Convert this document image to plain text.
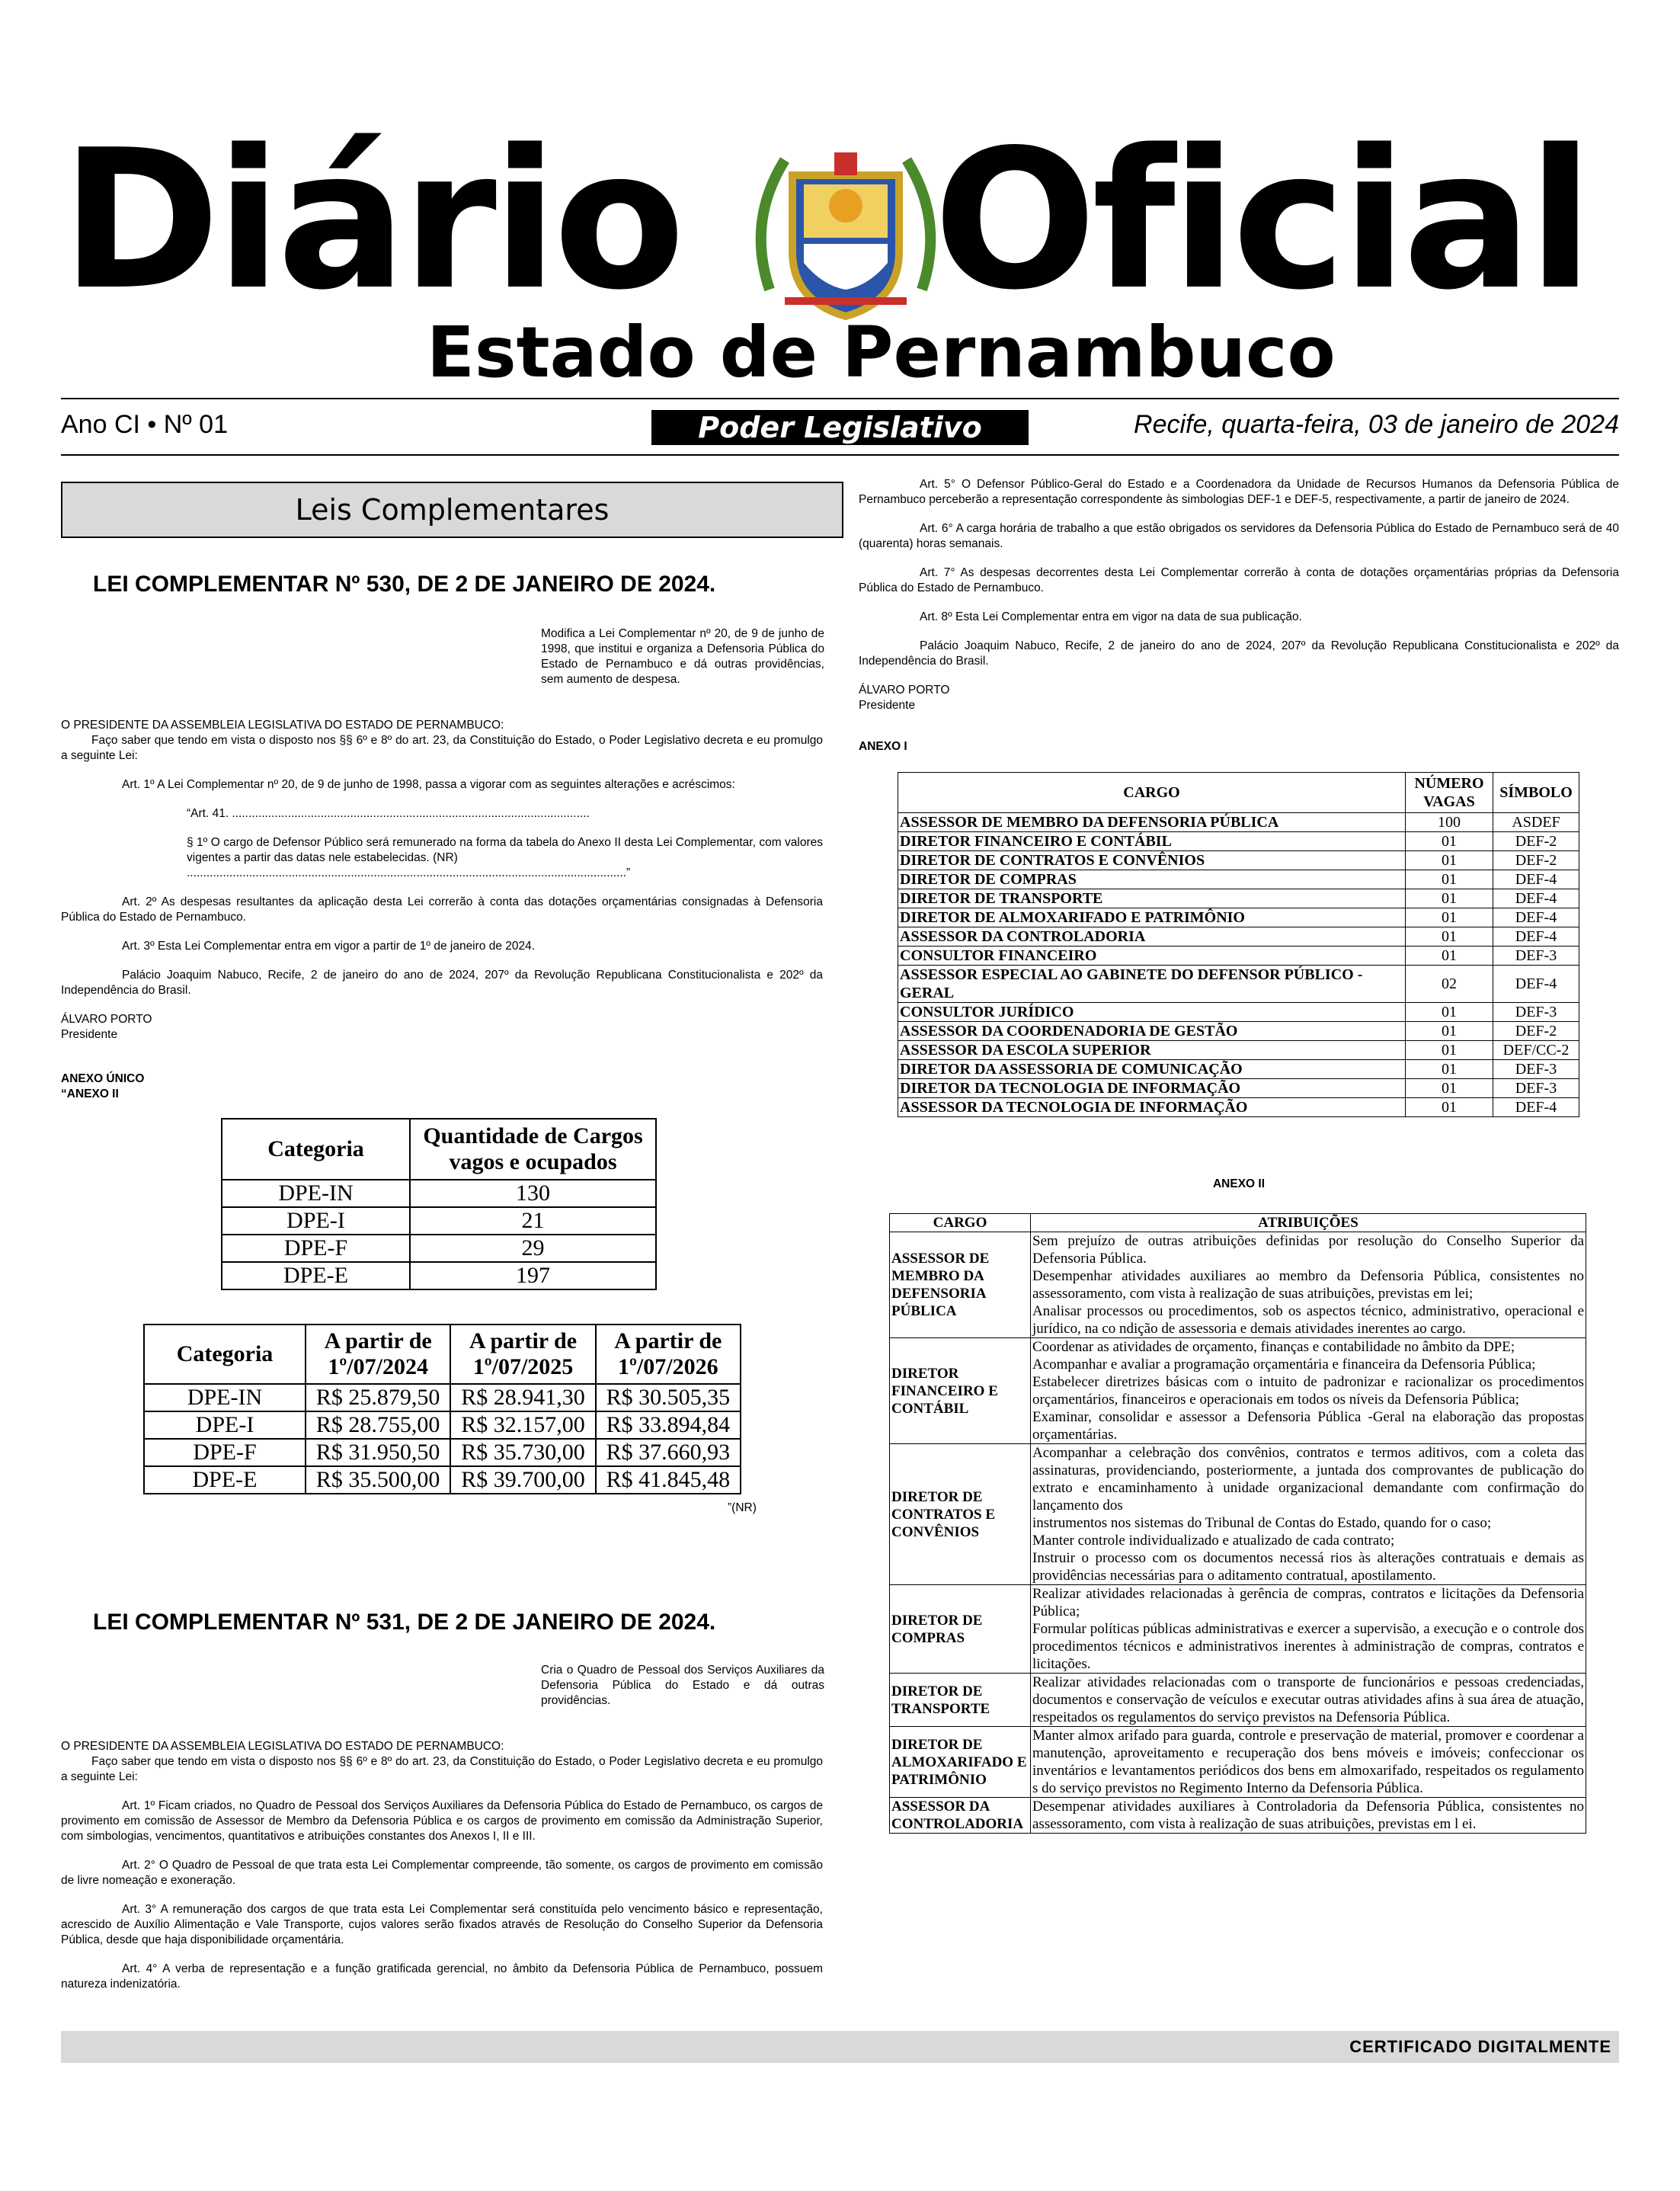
Diário Oficial
Estado de Pernambuco
Ano CI • Nº 01	Poder Legislativo	Recife, quarta-feira, 03 de janeiro de 2024
Leis Complementares
LEI COMPLEMENTAR Nº 530, DE 2 DE JANEIRO DE 2024.
Modifica a Lei Complementar nº 20, de 9 de junho de 1998, que institui e organiza a Defensoria Pública do Estado de Pernambuco e dá outras providências, sem aumento de despesa.

O PRESIDENTE DA ASSEMBLEIA LEGISLATIVA DO ESTADO DE PERNAMBUCO:

Faço saber que tendo em vista o disposto nos §§ 6º e 8º do art. 23, da Constituição do Estado, o Poder Legislativo decreta e eu promulgo a seguinte Lei:

Art. 1º A Lei Complementar nº 20, de 9 de junho de 1998, passa a vigorar com as seguintes alterações e acréscimos:

“Art. 41. .............................................................................................................

§ 1º O cargo de Defensor Público será remunerado na forma da tabela do Anexo II desta Lei Complementar, com valores vigentes a partir das datas nele estabelecidas. (NR)

......................................................................................................................................”

Art. 2º As despesas resultantes da aplicação desta Lei correrão à conta das dotações orçamentárias consignadas à Defensoria Pública do Estado de Pernambuco.

Art. 3º Esta Lei Complementar entra em vigor a partir de 1º de janeiro de 2024.

Palácio Joaquim Nabuco, Recife, 2 de janeiro do ano de 2024, 207º da Revolução Republicana Constitucionalista e 202º da Independência do Brasil.

ÁLVARO PORTO

Presidente

ANEXO ÚNICO

“ANEXO II

Categoria	Quantidade de Cargos vagos e ocupados
DPE-IN	130
DPE-I	21
DPE-F	29
DPE-E	197
Categoria	A partir de 1º/07/2024	A partir de 1º/07/2025	A partir de 1º/07/2026
DPE-IN	R$ 25.879,50	R$ 28.941,30	R$ 30.505,35
DPE-I	R$ 28.755,00	R$ 32.157,00	R$ 33.894,84
DPE-F	R$ 31.950,50	R$ 35.730,00	R$ 37.660,93
DPE-E	R$ 35.500,00	R$ 39.700,00	R$ 41.845,48
”(NR)
LEI COMPLEMENTAR Nº 531, DE 2 DE JANEIRO DE 2024.
Cria o Quadro de Pessoal dos Serviços Auxiliares da Defensoria Pública do Estado e dá outras providências.

O PRESIDENTE DA ASSEMBLEIA LEGISLATIVA DO ESTADO DE PERNAMBUCO:

Faço saber que tendo em vista o disposto nos §§ 6º e 8º do art. 23, da Constituição do Estado, o Poder Legislativo decreta e eu promulgo a seguinte Lei:

Art. 1º Ficam criados, no Quadro de Pessoal dos Serviços Auxiliares da Defensoria Pública do Estado de Pernambuco, os cargos de provimento em comissão de Assessor de Membro da Defensoria Pública e os cargos de provimento em comissão da Administração Superior, com simbologias, vencimentos, quantitativos e atribuições constantes dos Anexos I, II e III.

Art. 2° O Quadro de Pessoal de que trata esta Lei Complementar compreende, tão somente, os cargos de provimento em comissão de livre nomeação e exoneração.

Art. 3° A remuneração dos cargos de que trata esta Lei Complementar será constituída pelo vencimento básico e representação, acrescido de Auxílio Alimentação e Vale Transporte, cujos valores serão fixados através de Resolução do Conselho Superior da Defensoria Pública, desde que haja disponibilidade orçamentária.

Art. 4° A verba de representação e a função gratificada gerencial, no âmbito da Defensoria Pública de Pernambuco, possuem natureza indenizatória.

Art. 5° O Defensor Público-Geral do Estado e a Coordenadora da Unidade de Recursos Humanos da Defensoria Pública de Pernambuco perceberão a representação correspondente às simbologias DEF-1 e DEF-5, respectivamente, a partir de janeiro de 2024.

Art. 6° A carga horária de trabalho a que estão obrigados os servidores da Defensoria Pública do Estado de Pernambuco será de 40 (quarenta) horas semanais.

Art. 7° As despesas decorrentes desta Lei Complementar correrão à conta de dotações orçamentárias próprias da Defensoria Pública do Estado de Pernambuco.

Art. 8º Esta Lei Complementar entra em vigor na data de sua publicação.

Palácio Joaquim Nabuco, Recife, 2 de janeiro do ano de 2024, 207º da Revolução Republicana Constitucionalista e 202º da Independência do Brasil.

ÁLVARO PORTO

Presidente

ANEXO I

CARGO	NÚMERO VAGAS	SÍMBOLO
ASSESSOR DE MEMBRO DA DEFENSORIA PÚBLICA	100	ASDEF
DIRETOR FINANCEIRO E CONTÁBIL	01	DEF-2
DIRETOR DE CONTRATOS E CONVÊNIOS	01	DEF-2
DIRETOR DE COMPRAS	01	DEF-4
DIRETOR DE TRANSPORTE	01	DEF-4
DIRETOR DE ALMOXARIFADO E PATRIMÔNIO	01	DEF-4
ASSESSOR DA CONTROLADORIA	01	DEF-4
CONSULTOR FINANCEIRO	01	DEF-3
ASSESSOR ESPECIAL AO GABINETE DO DEFENSOR PÚBLICO - GERAL	02	DEF-4
CONSULTOR JURÍDICO	01	DEF-3
ASSESSOR DA COORDENADORIA DE GESTÃO	01	DEF-2
ASSESSOR DA ESCOLA SUPERIOR	01	DEF/CC-2
DIRETOR DA ASSESSORIA DE COMUNICAÇÃO	01	DEF-3
DIRETOR DA TECNOLOGIA DE INFORMAÇÃO	01	DEF-3
ASSESSOR DA TECNOLOGIA DE INFORMAÇÃO	01	DEF-4
ANEXO II
CARGO	ATRIBUIÇÕES
ASSESSOR DE MEMBRO DA DEFENSORIA PÚBLICA	Sem prejuízo de outras atribuições definidas por resolução do Conselho Superior da Defensoria Pública.
Desempenhar atividades auxiliares ao membro da Defensoria Pública, consistentes no assessoramento, com vista à realização de suas atribuições, previstas em lei;
Analisar processos ou procedimentos, sob os aspectos técnico, administrativo, operacional e jurídico, na co ndição de assessoria e demais atividades inerentes ao cargo.

DIRETOR FINANCEIRO E CONTÁBIL	Coordenar as atividades de orçamento, finanças e contabilidade no âmbito da DPE;
Acompanhar e avaliar a programação orçamentária e financeira da Defensoria Pública;
Estabelecer diretrizes básicas com o intuito de padronizar e racionalizar os procedimentos orçamentários, financeiros e operacionais em todos os níveis da Defensoria Pública;
Examinar, consolidar e assessor a Defensoria Pública -Geral na elaboração das propostas orçamentárias.

DIRETOR DE CONTRATOS E CONVÊNIOS	Acompanhar a celebração dos convênios, contratos e termos aditivos, com a coleta das assinaturas, providenciando, posteriormente, a juntada dos comprovantes de publicação do extrato e encaminhamento à unidade organizacional demandante com confirmação do lançamento dos
instrumentos nos sistemas do Tribunal de Contas do Estado, quando for o caso;
Manter controle individualizado e atualizado de cada contrato;
Instruir o processo com os documentos necessá rios às alterações contratuais e demais as providências necessárias para o aditamento contratual, apostilamento.

DIRETOR DE COMPRAS	Realizar atividades relacionadas à gerência de compras, contratos e licitações da Defensoria Pública;
Formular políticas públicas administrativas e exercer a supervisão, a execução e o controle dos procedimentos técnicos e administrativos inerentes à administração de compras, contratos e licitações.

DIRETOR DE TRANSPORTE	Realizar atividades relacionadas com o transporte de funcionários e pessoas credenciadas, documentos e conservação de veículos e executar outras atividades afins à sua área de atuação, respeitados os regulamentos do serviço previstos na Defensoria Pública.

DIRETOR DE ALMOXARIFADO E PATRIMÔNIO	Manter almox arifado para guarda, controle e preservação de material, promover e coordenar a manutenção, aproveitamento e recuperação dos bens móveis e imóveis; confeccionar os inventários e levantamentos periódicos dos bens em almoxarifado, respeitados os regulamento s do serviço previstos no Regimento Interno da Defensoria Pública.

ASSESSOR DA CONTROLADORIA	Desempenar atividades auxiliares à Controladoria da Defensoria Pública, consistentes no assessoramento, com vista à realização de suas atribuições, previstas em l ei.
CERTIFICADO DIGITALMENTE
